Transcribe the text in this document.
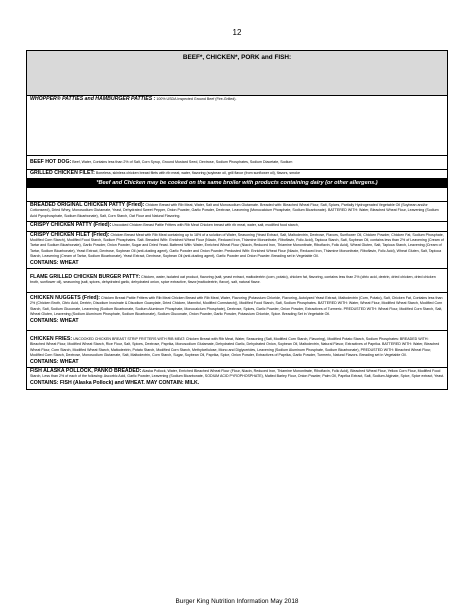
12
BEEF*, CHICKEN*, PORK and FISH:
WHOPPER® PATTIES and HAMBURGER PATTIES : 100% USDA Inspected Ground Beef (Fire-Grilled).
BEEF HOT DOG: Beef, Water, Contains less than 2% of Salt, Corn Syrup, Ground Mustard Seed, Dextrose, Sodium Phosphates, Sodium Diacetate, Sodium
GRILLED CHICKEN FILET: Boneless, skinless chicken breast filets with rib meat, water, flavoring (soybean oil, grill flavor (from sunflower oil), flavors, smoke
*Beef and Chicken may be cooked on the same broiler with products containing dairy (or other allergens.)
BREADED ORIGINAL CHICKEN PATTY (Fried): Chicken Breast with Rib Meat, Water, Salt and Monosodium Glutamate. Breaded with: Bleached Wheat Flour, Salt, Spices, Partially Hydrogenated Vegetable Oil (Soybean and/or Cottonseed), Dried Whey, Monosodium Glutamate, Yeast, Dehydrated Sweet Pepper, Onion Powder, Garlic Powder, Dextrose, Leavening (Monocalcium Phosphate, Sodium Bicarbonate). BATTERED WITH: Water, Bleached Wheat Flour, Leavening (Sodium Acid Pyrophosphate, Sodium Bicarbonate), Salt, Corn Starch, Oat Flour and Natural Flavoring.
CRISPY CHICKEN PATTY (Fried): Uncooked Chicken Breast Pattie Fritters with Rib Meat Chicken breast with rib meat, water, salt, modified food starch,
CRISPY CHICKEN FILET (Fried): Chicken Breast Meat with Rib Meat containing up to 18% of a solution of Water, Seasoning (Yeast Extract, Salt, Maltodextrin, Dextrose, Flavors, Sunflower Oil, Chicken Powder, Chicken Fat, Sodium Phosphate, Modified Corn Starch), Modified Food Starch, Sodium Phosphates. Salt. Breaded With: Enriched Wheat Flour (Niacin, Reduced Iron, Thiamine Mononitrate, Riboflavin, Folic Acid), Tapioca Starch, Salt, Soybean Oil, contains less than 2% of Leavening (Cream of Tartar and Sodium Bicarbonate), Garlic Powder, Onion Powder, Sugar and Dried Yeast. Battered With: Water, Enriched Wheat Flour (Niacin, Reduced Iron, Thiamine Mononitrate, Riboflavin, Folic Acid), Wheat Gluten, Salt, Tapioca Starch, Leavening (Cream of Tartar, Sodium Bicarbonate), Yeast Extract, Dextrose, Soybean Oil (anti-dusting agent), Garlic Powder and Onion Powder. Predusted With: Enriched Wheat Flour (Niacin, Reduced Iron, Thiamine Mononitrate, Riboflavin, Folic Acid), Wheat Gluten, Salt, Tapioca Starch, Leavening (Cream of Tartar, Sodium Bicarbonate), Yeast Extract, Dextrose, Soybean Oil (anti-dusting agent), Garlic Powder and Onion Powder. Breading set in Vegetable Oil.
CONTAINS: WHEAT
FLAME GRILLED CHICKEN BURGER PATTY: Chicken, water, isolated oat product, flavoring (salt, yeast extract, maltodextrin (corn, potato), chicken fat, flavoring, contains less than 2% (citric acid, dextrin, dried chicken, dried chicken broth, sunflower oil), seasoning (salt, spices, dehydrated garlic, dehydrated onion, spice extractive, flavor(maltodextrin, flavor), salt, natural flavor.
CHICKEN NUGGETS (Fried): Chicken Breast Pattie Fritters with Rib Meat Chicken Breast with Rib Meat, Water, Flavoring (Potassium Chloride, Flavoring, Autolyzed Yeast Extract, Maltodextrin (Corn, Potato), Salt, Chicken Fat, Contains less than 2% (Chicken Broth, Citric Acid, Dextrin, Disodium Inosinate & Disodium Guanylate, Dried Chicken, Mannitol, Modified Cornstarch)), Modified Food Starch, Salt, Sodium Phosphates. BATTERED WITH: Water, Wheat Flour, Modified Wheat Starch, Modified Corn Starch, Salt, Sodium Gluconate, Leavening (Sodium Bicarbonate, Sodium Aluminum Phosphate, Monocalcium Phosphate), Dextrose, Spices, Garlic Powder, Onion Powder, Extractives of Turmeric. PREDUSTED WITH: Wheat Flour, Modified Corn Starch, Salt, Wheat Gluten, Leavening (Sodium Aluminum Phosphate, Sodium Bicarbonate), Sodium Gluconate, Onion Powder, Garlic Powder, Potassium Chloride, Spice. Breading Set in Vegetable Oil.
CONTAINS: WHEAT
CHICKEN FRIES: UNCOOKED CHICKEN BREAST STRIP FRITTERS WITH RIB MEAT: Chicken Breast with Rib Meat, Water, Seasoning (Salt, Modified Corn Starch, Flavoring), Modified Potato Starch, Sodium Phosphates: BREADED WITH: Bleached Wheat Flour, Modified Wheat Starch, Rice Flour, Salt, Spices, Dextrose, Paprika, Monosodium Glutamate, Dehydrated Garlic, Dehydrated Onion, Soybean Oil, Maltodextrin, Natural Flavor, Extractives of Paprika. BATTERED WITH: Water, Bleached Wheat Flour, Corn Starch, Modified Wheat Starch, Maltodextrin, Potato Starch, Modified Corn Starch, Methylcellulose, Mono and Diglycerides, Leavening (Sodium Aluminum Phosphate, Sodium Bicarbonate), PREDUSTED WITH: Bleached Wheat Flour, Modified Corn Starch, Dextrose, Monosodium Glutamate, Salt, Maltodextrin, Corn Starch, Sugar, Soybean Oil, Paprika, Spice, Onion Powder, Extractives of Paprika, Garlic Powder, Turmeric, Natural Flavors. Breading set in Vegetable Oil.
CONTAINS: WHEAT
FISH ALASKA POLLOCK, PANKO BREADED: Alaska Pollock, Water, Enriched Bleached Wheat Flour (Flour, Niacin, Reduced Iron, Thiamine Mononitrate, Riboflavin, Folic Acid), Bleached Wheat Flour, Yellow Corn Flour, Modified Food Starch, Less than 2% of each of the following: Ascorbic Acid, Garlic Powder, Leavening (Sodium Bicarbonate, SODIUM ACID PYROPHOSPHATE), Malted Barley Flour, Onion Powder, Palm Oil, Paprika Extract, Salt, Sodium Alginate, Spice, Spice extract, Yeast.
CONTAINS: FISH (Alaska Pollock) and WHEAT. MAY CONTAIN: MILK.
Burger King Nutrition Information May 2018
